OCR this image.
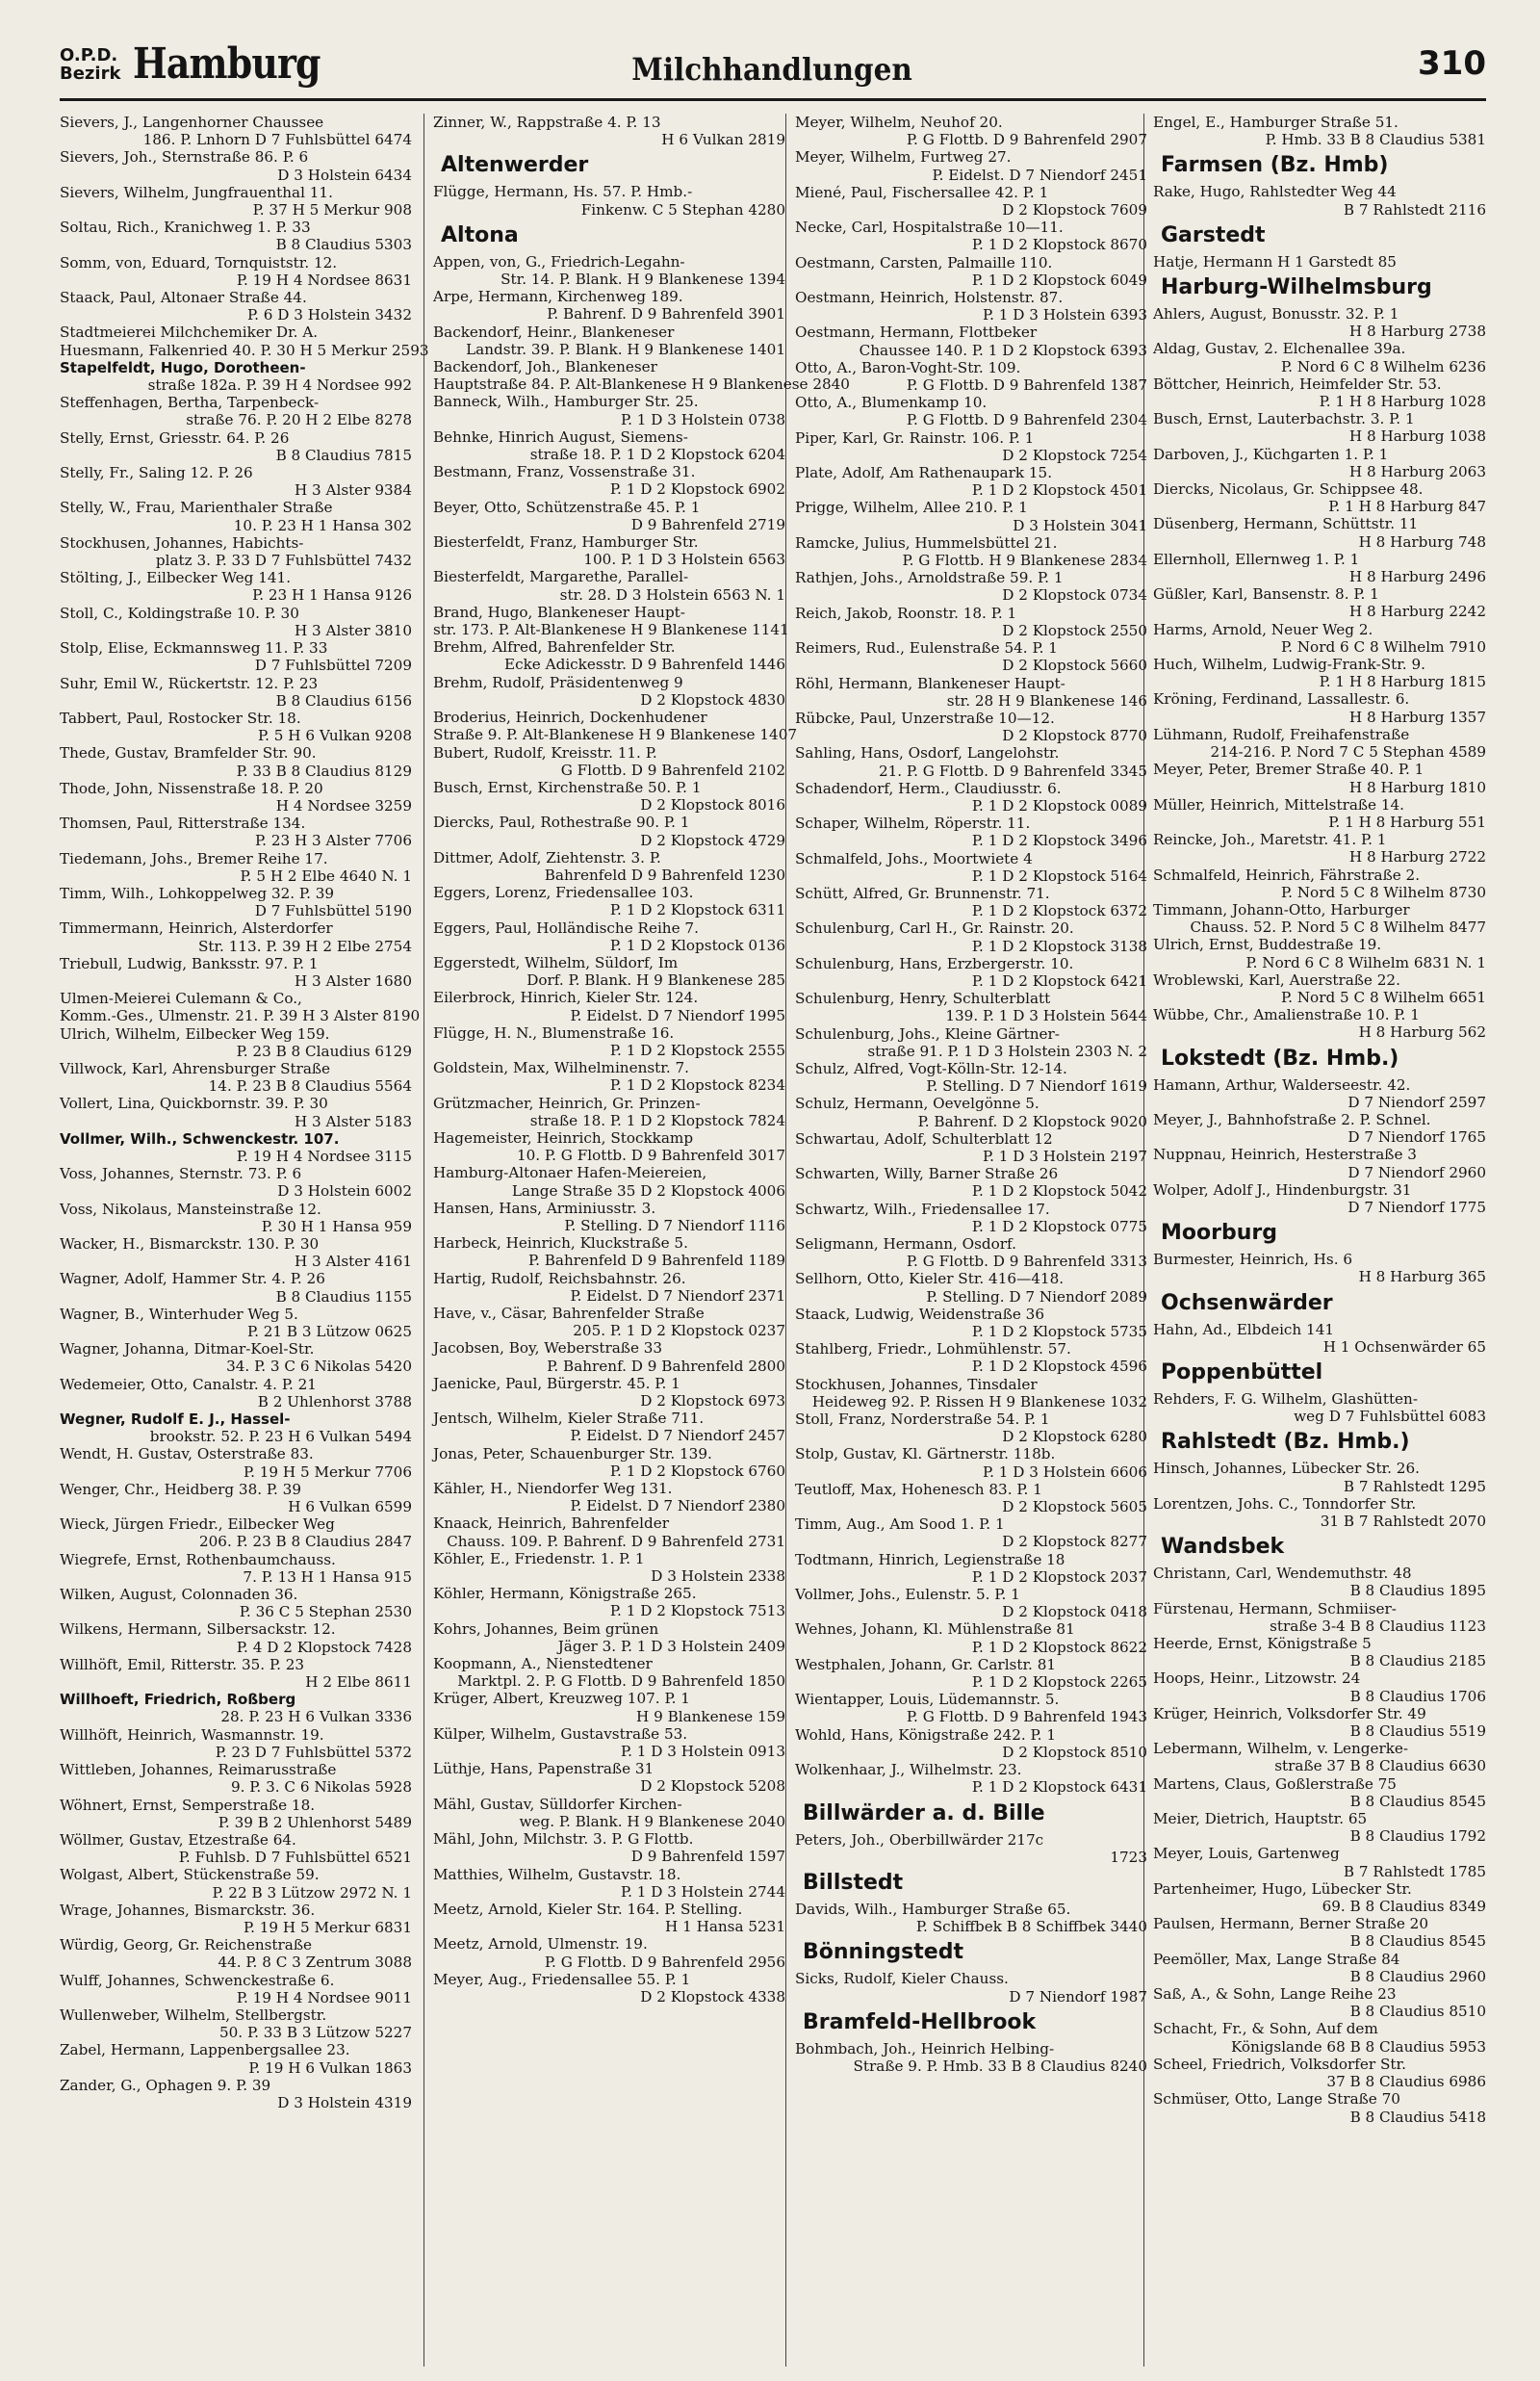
O.P.D. Bezirk Hamburg	Milchhandlungen	310
Sievers, J., Langenhorner Chaussee
186. P. Lnhorn D 7 Fuhlsbüttel 6474
Sievers, Joh., Sternstraße 86. P. 6
D 3 Holstein 6434
Sievers, Wilhelm, Jungfrauenthal 11.
P. 37 H 5 Merkur 908
Soltau, Rich., Kranichweg 1. P. 33
B 8 Claudius 5303
Somm, von, Eduard, Tornquiststr. 12.
P. 19 H 4 Nordsee 8631
Staack, Paul, Altonaer Straße 44.
P. 6 D 3 Holstein 3432
Stadtmeierei Milchchemiker Dr. A.
Huesmann, Falkenried 40. P. 30 H 5 Merkur 2593
Stapelfeldt, Hugo, Dorotheen-
straße 182a. P. 39 H 4 Nordsee 992
Steffenhagen, Bertha, Tarpenbeck-
straße 76. P. 20 H 2 Elbe 8278
Stelly, Ernst, Griesstr. 64. P. 26
B 8 Claudius 7815
Stelly, Fr., Saling 12. P. 26
H 3 Alster 9384
Stelly, W., Frau, Marienthaler Straße
10. P. 23 H 1 Hansa 302
Stockhusen, Johannes, Habichts-
platz 3. P. 33 D 7 Fuhlsbüttel 7432
Stölting, J., Eilbecker Weg 141.
P. 23 H 1 Hansa 9126
Stoll, C., Koldingstraße 10. P. 30
H 3 Alster 3810
Stolp, Elise, Eckmannsweg 11. P. 33
D 7 Fuhlsbüttel 7209
Suhr, Emil W., Rückertstr. 12. P. 23
B 8 Claudius 6156
Tabbert, Paul, Rostocker Str. 18.
P. 5 H 6 Vulkan 9208
Thede, Gustav, Bramfelder Str. 90.
P. 33 B 8 Claudius 8129
Thode, John, Nissenstraße 18. P. 20
H 4 Nordsee 3259
Thomsen, Paul, Ritterstraße 134.
P. 23 H 3 Alster 7706
Tiedemann, Johs., Bremer Reihe 17.
P. 5 H 2 Elbe 4640 N. 1
Timm, Wilh., Lohkoppelweg 32. P. 39
D 7 Fuhlsbüttel 5190
Timmermann, Heinrich, Alsterdorfer
Str. 113. P. 39 H 2 Elbe 2754
Triebull, Ludwig, Banksstr. 97. P. 1
H 3 Alster 1680
Ulmen-Meierei Culemann & Co.,
Komm.-Ges., Ulmenstr. 21. P. 39 H 3 Alster 8190
Ulrich, Wilhelm, Eilbecker Weg 159.
P. 23 B 8 Claudius 6129
Villwock, Karl, Ahrensburger Straße
14. P. 23 B 8 Claudius 5564
Vollert, Lina, Quickbornstr. 39. P. 30
H 3 Alster 5183
Vollmer, Wilh., Schwenckestr. 107.
P. 19 H 4 Nordsee 3115
Voss, Johannes, Sternstr. 73. P. 6
D 3 Holstein 6002
Voss, Nikolaus, Mansteinstraße 12.
P. 30 H 1 Hansa 959
Wacker, H., Bismarckstr. 130. P. 30
H 3 Alster 4161
Wagner, Adolf, Hammer Str. 4. P. 26
B 8 Claudius 1155
Wagner, B., Winterhuder Weg 5.
P. 21 B 3 Lützow 0625
Wagner, Johanna, Ditmar-Koel-Str.
34. P. 3 C 6 Nikolas 5420
Wedemeier, Otto, Canalstr. 4. P. 21
B 2 Uhlenhorst 3788
Wegner, Rudolf E. J., Hassel-
brookstr. 52. P. 23 H 6 Vulkan 5494
Wendt, H. Gustav, Osterstraße 83.
P. 19 H 5 Merkur 7706
Wenger, Chr., Heidberg 38. P. 39
H 6 Vulkan 6599
Wieck, Jürgen Friedr., Eilbecker Weg
206. P. 23 B 8 Claudius 2847
Wiegrefe, Ernst, Rothenbaumchauss.
7. P. 13 H 1 Hansa 915
Wilken, August, Colonnaden 36.
P. 36 C 5 Stephan 2530
Wilkens, Hermann, Silbersackstr. 12.
P. 4 D 2 Klopstock 7428
Willhöft, Emil, Ritterstr. 35. P. 23
H 2 Elbe 8611
Willhoeft, Friedrich, Roßberg
28. P. 23 H 6 Vulkan 3336
Willhöft, Heinrich, Wasmannstr. 19.
P. 23 D 7 Fuhlsbüttel 5372
Wittleben, Johannes, Reimarusstraße
9. P. 3. C 6 Nikolas 5928
Wöhnert, Ernst, Semperstraße 18.
P. 39 B 2 Uhlenhorst 5489
Wöllmer, Gustav, Etzestraße 64.
P. Fuhlsb. D 7 Fuhlsbüttel 6521
Wolgast, Albert, Stückenstraße 59.
P. 22 B 3 Lützow 2972 N. 1
Wrage, Johannes, Bismarckstr. 36.
P. 19 H 5 Merkur 6831
Würdig, Georg, Gr. Reichenstraße
44. P. 8 C 3 Zentrum 3088
Wulff, Johannes, Schwenckestraße 6.
P. 19 H 4 Nordsee 9011
Wullenweber, Wilhelm, Stellbergstr.
50. P. 33 B 3 Lützow 5227
Zabel, Hermann, Lappenbergsallee 23.
P. 19 H 6 Vulkan 1863
Zander, G., Ophagen 9. P. 39
D 3 Holstein 4319
Zinner, W., Rappstraße 4. P. 13
H 6 Vulkan 2819
Altenwerder
Flügge, Hermann, Hs. 57. P. Hmb.-
Finkenw. C 5 Stephan 4280
Altona
Appen, von, G., Friedrich-Legahn-
Str. 14. P. Blank. H 9 Blankenese 1394
Arpe, Hermann, Kirchenweg 189.
P. Bahrenf. D 9 Bahrenfeld 3901
Backendorf, Heinr., Blankeneser
Landstr. 39. P. Blank. H 9 Blankenese 1401
Backendorf, Joh., Blankeneser
Hauptstraße 84. P. Alt-Blankenese H 9 Blankenese 2840
Banneck, Wilh., Hamburger Str. 25.
P. 1 D 3 Holstein 0738
Behnke, Hinrich August, Siemens-
straße 18. P. 1 D 2 Klopstock 6204
Bestmann, Franz, Vossenstraße 31.
P. 1 D 2 Klopstock 6902
Beyer, Otto, Schützenstraße 45. P. 1
D 9 Bahrenfeld 2719
Biesterfeldt, Franz, Hamburger Str.
100. P. 1 D 3 Holstein 6563
Biesterfeldt, Margarethe, Parallel-
str. 28. D 3 Holstein 6563 N. 1
Brand, Hugo, Blankeneser Haupt-
str. 173. P. Alt-Blankenese H 9 Blankenese 1141
Brehm, Alfred, Bahrenfelder Str.
Ecke Adickesstr. D 9 Bahrenfeld 1446
Brehm, Rudolf, Präsidentenweg 9
D 2 Klopstock 4830
Broderius, Heinrich, Dockenhudener
Straße 9. P. Alt-Blankenese H 9 Blankenese 1407
Bubert, Rudolf, Kreisstr. 11. P.
G Flottb. D 9 Bahrenfeld 2102
Busch, Ernst, Kirchenstraße 50. P. 1
D 2 Klopstock 8016
Diercks, Paul, Rothestraße 90. P. 1
D 2 Klopstock 4729
Dittmer, Adolf, Ziehtenstr. 3. P.
Bahrenfeld D 9 Bahrenfeld 1230
Eggers, Lorenz, Friedensallee 103.
P. 1 D 2 Klopstock 6311
Eggers, Paul, Holländische Reihe 7.
P. 1 D 2 Klopstock 0136
Eggerstedt, Wilhelm, Süldorf, Im
Dorf. P. Blank. H 9 Blankenese 285
Eilerbrock, Hinrich, Kieler Str. 124.
P. Eidelst. D 7 Niendorf 1995
Flügge, H. N., Blumenstraße 16.
P. 1 D 2 Klopstock 2555
Goldstein, Max, Wilhelminenstr. 7.
P. 1 D 2 Klopstock 8234
Grützmacher, Heinrich, Gr. Prinzen-
straße 18. P. 1 D 2 Klopstock 7824
Hagemeister, Heinrich, Stockkamp
10. P. G Flottb. D 9 Bahrenfeld 3017
Hamburg-Altonaer Hafen-Meiereien,
Lange Straße 35 D 2 Klopstock 4006
Hansen, Hans, Arminiusstr. 3.
P. Stelling. D 7 Niendorf 1116
Harbeck, Heinrich, Kluckstraße 5.
P. Bahrenfeld D 9 Bahrenfeld 1189
Hartig, Rudolf, Reichsbahnstr. 26.
P. Eidelst. D 7 Niendorf 2371
Have, v., Cäsar, Bahrenfelder Straße
205. P. 1 D 2 Klopstock 0237
Jacobsen, Boy, Weberstraße 33
P. Bahrenf. D 9 Bahrenfeld 2800
Jaenicke, Paul, Bürgerstr. 45. P. 1
D 2 Klopstock 6973
Jentsch, Wilhelm, Kieler Straße 711.
P. Eidelst. D 7 Niendorf 2457
Jonas, Peter, Schauenburger Str. 139.
P. 1 D 2 Klopstock 6760
Kähler, H., Niendorfer Weg 131.
P. Eidelst. D 7 Niendorf 2380
Knaack, Heinrich, Bahrenfelder
Chauss. 109. P. Bahrenf. D 9 Bahrenfeld 2731
Köhler, E., Friedenstr. 1. P. 1
D 3 Holstein 2338
Köhler, Hermann, Königstraße 265.
P. 1 D 2 Klopstock 7513
Kohrs, Johannes, Beim grünen
Jäger 3. P. 1 D 3 Holstein 2409
Koopmann, A., Nienstedtener
Marktpl. 2. P. G Flottb. D 9 Bahrenfeld 1850
Krüger, Albert, Kreuzweg 107. P. 1
H 9 Blankenese 159
Külper, Wilhelm, Gustavstraße 53.
P. 1 D 3 Holstein 0913
Lüthje, Hans, Papenstraße 31
D 2 Klopstock 5208
Mähl, Gustav, Sülldorfer Kirchen-
weg. P. Blank. H 9 Blankenese 2040
Mähl, John, Milchstr. 3. P. G Flottb.
D 9 Bahrenfeld 1597
Matthies, Wilhelm, Gustavstr. 18.
P. 1 D 3 Holstein 2744
Meetz, Arnold, Kieler Str. 164. P. Stelling.
H 1 Hansa 5231
Meetz, Arnold, Ulmenstr. 19.
P. G Flottb. D 9 Bahrenfeld 2956
Meyer, Aug., Friedensallee 55. P. 1
D 2 Klopstock 4338
Meyer, Wilhelm, Neuhof 20.
P. G Flottb. D 9 Bahrenfeld 2907
Meyer, Wilhelm, Furtweg 27.
P. Eidelst. D 7 Niendorf 2451
Miené, Paul, Fischersallee 42. P. 1
D 2 Klopstock 7609
Necke, Carl, Hospitalstraße 10—11.
P. 1 D 2 Klopstock 8670
Oestmann, Carsten, Palmaille 110.
P. 1 D 2 Klopstock 6049
Oestmann, Heinrich, Holstenstr. 87.
P. 1 D 3 Holstein 6393
Oestmann, Hermann, Flottbeker
Chaussee 140. P. 1 D 2 Klopstock 6393
Otto, A., Baron-Voght-Str. 109.
P. G Flottb. D 9 Bahrenfeld 1387
Otto, A., Blumenkamp 10.
P. G Flottb. D 9 Bahrenfeld 2304
Piper, Karl, Gr. Rainstr. 106. P. 1
D 2 Klopstock 7254
Plate, Adolf, Am Rathenaupark 15.
P. 1 D 2 Klopstock 4501
Prigge, Wilhelm, Allee 210. P. 1
D 3 Holstein 3041
Ramcke, Julius, Hummelsbüttel 21.
P. G Flottb. H 9 Blankenese 2834
Rathjen, Johs., Arnoldstraße 59. P. 1
D 2 Klopstock 0734
Reich, Jakob, Roonstr. 18. P. 1
D 2 Klopstock 2550
Reimers, Rud., Eulenstraße 54. P. 1
D 2 Klopstock 5660
Röhl, Hermann, Blankeneser Haupt-
str. 28 H 9 Blankenese 146
Rübcke, Paul, Unzerstraße 10—12.
D 2 Klopstock 8770
Sahling, Hans, Osdorf, Langelohstr.
21. P. G Flottb. D 9 Bahrenfeld 3345
Schadendorf, Herm., Claudiusstr. 6.
P. 1 D 2 Klopstock 0089
Schaper, Wilhelm, Röperstr. 11.
P. 1 D 2 Klopstock 3496
Schmalfeld, Johs., Moortwiete 4
P. 1 D 2 Klopstock 5164
Schütt, Alfred, Gr. Brunnenstr. 71.
P. 1 D 2 Klopstock 6372
Schulenburg, Carl H., Gr. Rainstr. 20.
P. 1 D 2 Klopstock 3138
Schulenburg, Hans, Erzbergerstr. 10.
P. 1 D 2 Klopstock 6421
Schulenburg, Henry, Schulterblatt
139. P. 1 D 3 Holstein 5644
Schulenburg, Johs., Kleine Gärtner-
straße 91. P. 1 D 3 Holstein 2303 N. 2
Schulz, Alfred, Vogt-Kölln-Str. 12-14.
P. Stelling. D 7 Niendorf 1619
Schulz, Hermann, Oevelgönne 5.
P. Bahrenf. D 2 Klopstock 9020
Schwartau, Adolf, Schulterblatt 12
P. 1 D 3 Holstein 2197
Schwarten, Willy, Barner Straße 26
P. 1 D 2 Klopstock 5042
Schwartz, Wilh., Friedensallee 17.
P. 1 D 2 Klopstock 0775
Seligmann, Hermann, Osdorf.
P. G Flottb. D 9 Bahrenfeld 3313
Sellhorn, Otto, Kieler Str. 416—418.
P. Stelling. D 7 Niendorf 2089
Staack, Ludwig, Weidenstraße 36
P. 1 D 2 Klopstock 5735
Stahlberg, Friedr., Lohmühlenstr. 57.
P. 1 D 2 Klopstock 4596
Stockhusen, Johannes, Tinsdaler
Heideweg 92. P. Rissen H 9 Blankenese 1032
Stoll, Franz, Norderstraße 54. P. 1
D 2 Klopstock 6280
Stolp, Gustav, Kl. Gärtnerstr. 118b.
P. 1 D 3 Holstein 6606
Teutloff, Max, Hohenesch 83. P. 1
D 2 Klopstock 5605
Timm, Aug., Am Sood 1. P. 1
D 2 Klopstock 8277
Todtmann, Hinrich, Legienstraße 18
P. 1 D 2 Klopstock 2037
Vollmer, Johs., Eulenstr. 5. P. 1
D 2 Klopstock 0418
Wehnes, Johann, Kl. Mühlenstraße 81
P. 1 D 2 Klopstock 8622
Westphalen, Johann, Gr. Carlstr. 81
P. 1 D 2 Klopstock 2265
Wientapper, Louis, Lüdemannstr. 5.
P. G Flottb. D 9 Bahrenfeld 1943
Wohld, Hans, Königstraße 242. P. 1
D 2 Klopstock 8510
Wolkenhaar, J., Wilhelmstr. 23.
P. 1 D 2 Klopstock 6431
Billwärder a. d. Bille
Peters, Joh., Oberbillwärder 217c
1723
Billstedt
Davids, Wilh., Hamburger Straße 65.
P. Schiffbek B 8 Schiffbek 3440
Bönningstedt
Sicks, Rudolf, Kieler Chauss.
D 7 Niendorf 1987
Bramfeld-Hellbrook
Bohmbach, Joh., Heinrich Helbing-
Straße 9. P. Hmb. 33 B 8 Claudius 8240
Engel, E., Hamburger Straße 51.
P. Hmb. 33 B 8 Claudius 5381
Farmsen (Bz. Hmb)
Rake, Hugo, Rahlstedter Weg 44
B 7 Rahlstedt 2116
Garstedt
Hatje, Hermann H 1 Garstedt 85
Harburg-Wilhelmsburg
Ahlers, August, Bonusstr. 32. P. 1
H 8 Harburg 2738
Aldag, Gustav, 2. Elchenallee 39a.
P. Nord 6 C 8 Wilhelm 6236
Böttcher, Heinrich, Heimfelder Str. 53.
P. 1 H 8 Harburg 1028
Busch, Ernst, Lauterbachstr. 3. P. 1
H 8 Harburg 1038
Darboven, J., Küchgarten 1. P. 1
H 8 Harburg 2063
Diercks, Nicolaus, Gr. Schippsee 48.
P. 1 H 8 Harburg 847
Düsenberg, Hermann, Schüttstr. 11
H 8 Harburg 748
Ellernholl, Ellernweg 1. P. 1
H 8 Harburg 2496
Güßler, Karl, Bansenstr. 8. P. 1
H 8 Harburg 2242
Harms, Arnold, Neuer Weg 2.
P. Nord 6 C 8 Wilhelm 7910
Huch, Wilhelm, Ludwig-Frank-Str. 9.
P. 1 H 8 Harburg 1815
Kröning, Ferdinand, Lassallestr. 6.
H 8 Harburg 1357
Lühmann, Rudolf, Freihafenstraße
214-216. P. Nord 7 C 5 Stephan 4589
Meyer, Peter, Bremer Straße 40. P. 1
H 8 Harburg 1810
Müller, Heinrich, Mittelstraße 14.
P. 1 H 8 Harburg 551
Reincke, Joh., Maretstr. 41. P. 1
H 8 Harburg 2722
Schmalfeld, Heinrich, Fährstraße 2.
P. Nord 5 C 8 Wilhelm 8730
Timmann, Johann-Otto, Harburger
Chauss. 52. P. Nord 5 C 8 Wilhelm 8477
Ulrich, Ernst, Buddestraße 19.
P. Nord 6 C 8 Wilhelm 6831 N. 1
Wroblewski, Karl, Auerstraße 22.
P. Nord 5 C 8 Wilhelm 6651
Wübbe, Chr., Amalienstraße 10. P. 1
H 8 Harburg 562
Lokstedt (Bz. Hmb.)
Hamann, Arthur, Walderseestr. 42.
D 7 Niendorf 2597
Meyer, J., Bahnhofstraße 2. P. Schnel.
D 7 Niendorf 1765
Nuppnau, Heinrich, Hesterstraße 3
D 7 Niendorf 2960
Wolper, Adolf J., Hindenburgstr. 31
D 7 Niendorf 1775
Moorburg
Burmester, Heinrich, Hs. 6
H 8 Harburg 365
Ochsenwärder
Hahn, Ad., Elbdeich 141
H 1 Ochsenwärder 65
Poppenbüttel
Rehders, F. G. Wilhelm, Glashütten-
weg D 7 Fuhlsbüttel 6083
Rahlstedt (Bz. Hmb.)
Hinsch, Johannes, Lübecker Str. 26.
B 7 Rahlstedt 1295
Lorentzen, Johs. C., Tonndorfer Str.
31 B 7 Rahlstedt 2070
Wandsbek
Christann, Carl, Wendemuthstr. 48
B 8 Claudius 1895
Fürstenau, Hermann, Schmiiser-
straße 3-4 B 8 Claudius 1123
Heerde, Ernst, Königstraße 5
B 8 Claudius 2185
Hoops, Heinr., Litzowstr. 24
B 8 Claudius 1706
Krüger, Heinrich, Volksdorfer Str. 49
B 8 Claudius 5519
Lebermann, Wilhelm, v. Lengerke-
straße 37 B 8 Claudius 6630
Martens, Claus, Goßlerstraße 75
B 8 Claudius 8545
Meier, Dietrich, Hauptstr. 65
B 8 Claudius 1792
Meyer, Louis, Gartenweg
B 7 Rahlstedt 1785
Partenheimer, Hugo, Lübecker Str.
69. B 8 Claudius 8349
Paulsen, Hermann, Berner Straße 20
B 8 Claudius 8545
Peemöller, Max, Lange Straße 84
B 8 Claudius 2960
Saß, A., & Sohn, Lange Reihe 23
B 8 Claudius 8510
Schacht, Fr., & Sohn, Auf dem
Königslande 68 B 8 Claudius 5953
Scheel, Friedrich, Volksdorfer Str.
37 B 8 Claudius 6986
Schmüser, Otto, Lange Straße 70
B 8 Claudius 5418
